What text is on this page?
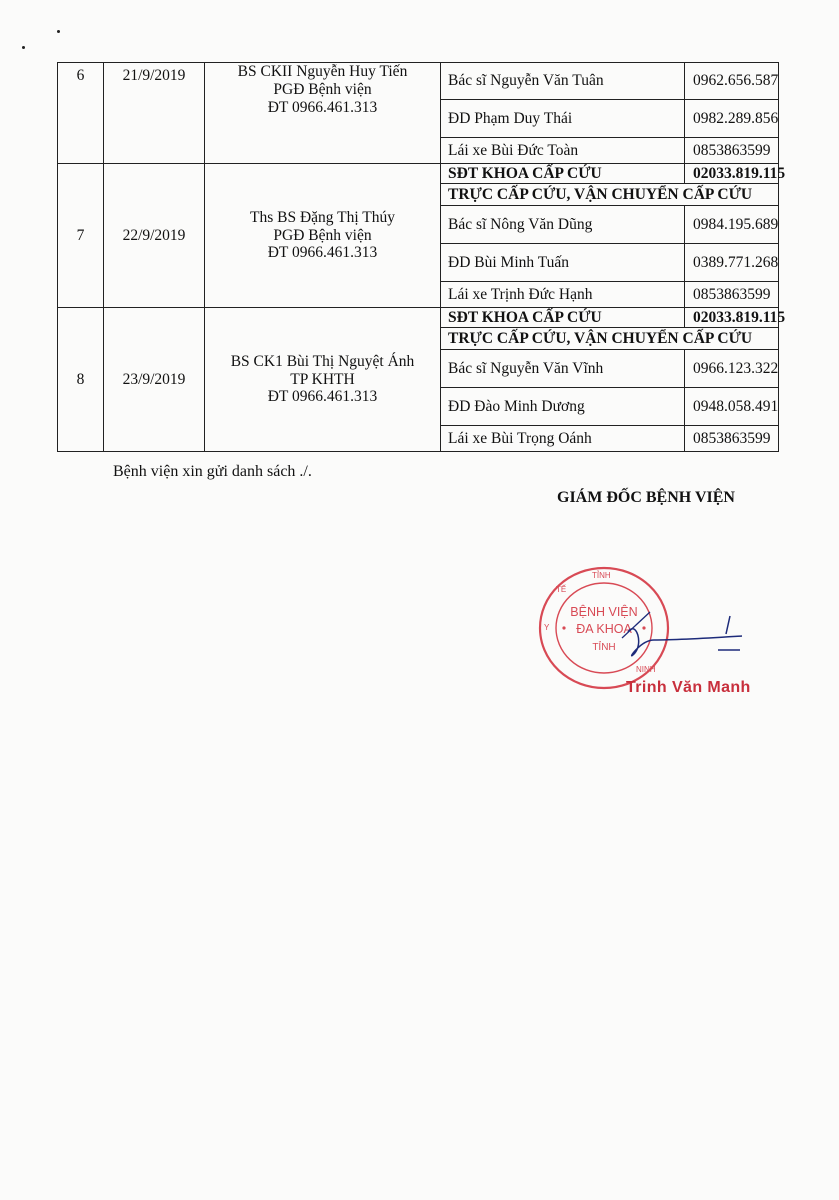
6	21/9/2019	BS CKII Nguyễn Huy Tiến
PGĐ Bệnh viện
ĐT 0966.461.313	Bác sĩ Nguyễn Văn Tuân	0962.656.587
			ĐD Phạm Duy Thái	0982.289.856
			Lái xe Bùi Đức Toàn	0853863599
7	22/9/2019	Ths BS Đặng Thị Thúy
PGĐ Bệnh viện
ĐT 0966.461.313	SĐT KHOA CẤP CỨU	02033.819.115
			TRỰC CẤP CỨU, VẬN CHUYỂN CẤP CỨU	
			Bác sĩ Nông Văn Dũng	0984.195.689
			ĐD Bùi Minh Tuấn	0389.771.268
			Lái xe Trịnh Đức Hạnh	0853863599
8	23/9/2019	BS CK1 Bùi Thị Nguyệt Ánh
TP KHTH
ĐT 0966.461.313	SĐT KHOA CẤP CỨU	02033.819.115
			TRỰC CẤP CỨU, VẬN CHUYỂN CẤP CỨU	
			Bác sĩ Nguyễn Văn Vĩnh	0966.123.322
			ĐD Đào Minh Dương	0948.058.491
			Lái xe Bùi Trọng Oánh	0853863599
Bệnh viện xin gửi danh sách ./.
GIÁM ĐỐC BỆNH VIỆN
TỈNH
TẾ
NINH
Y
BỆNH VIỆN
ĐA KHOA
TỈNH
Trinh Văn Manh
